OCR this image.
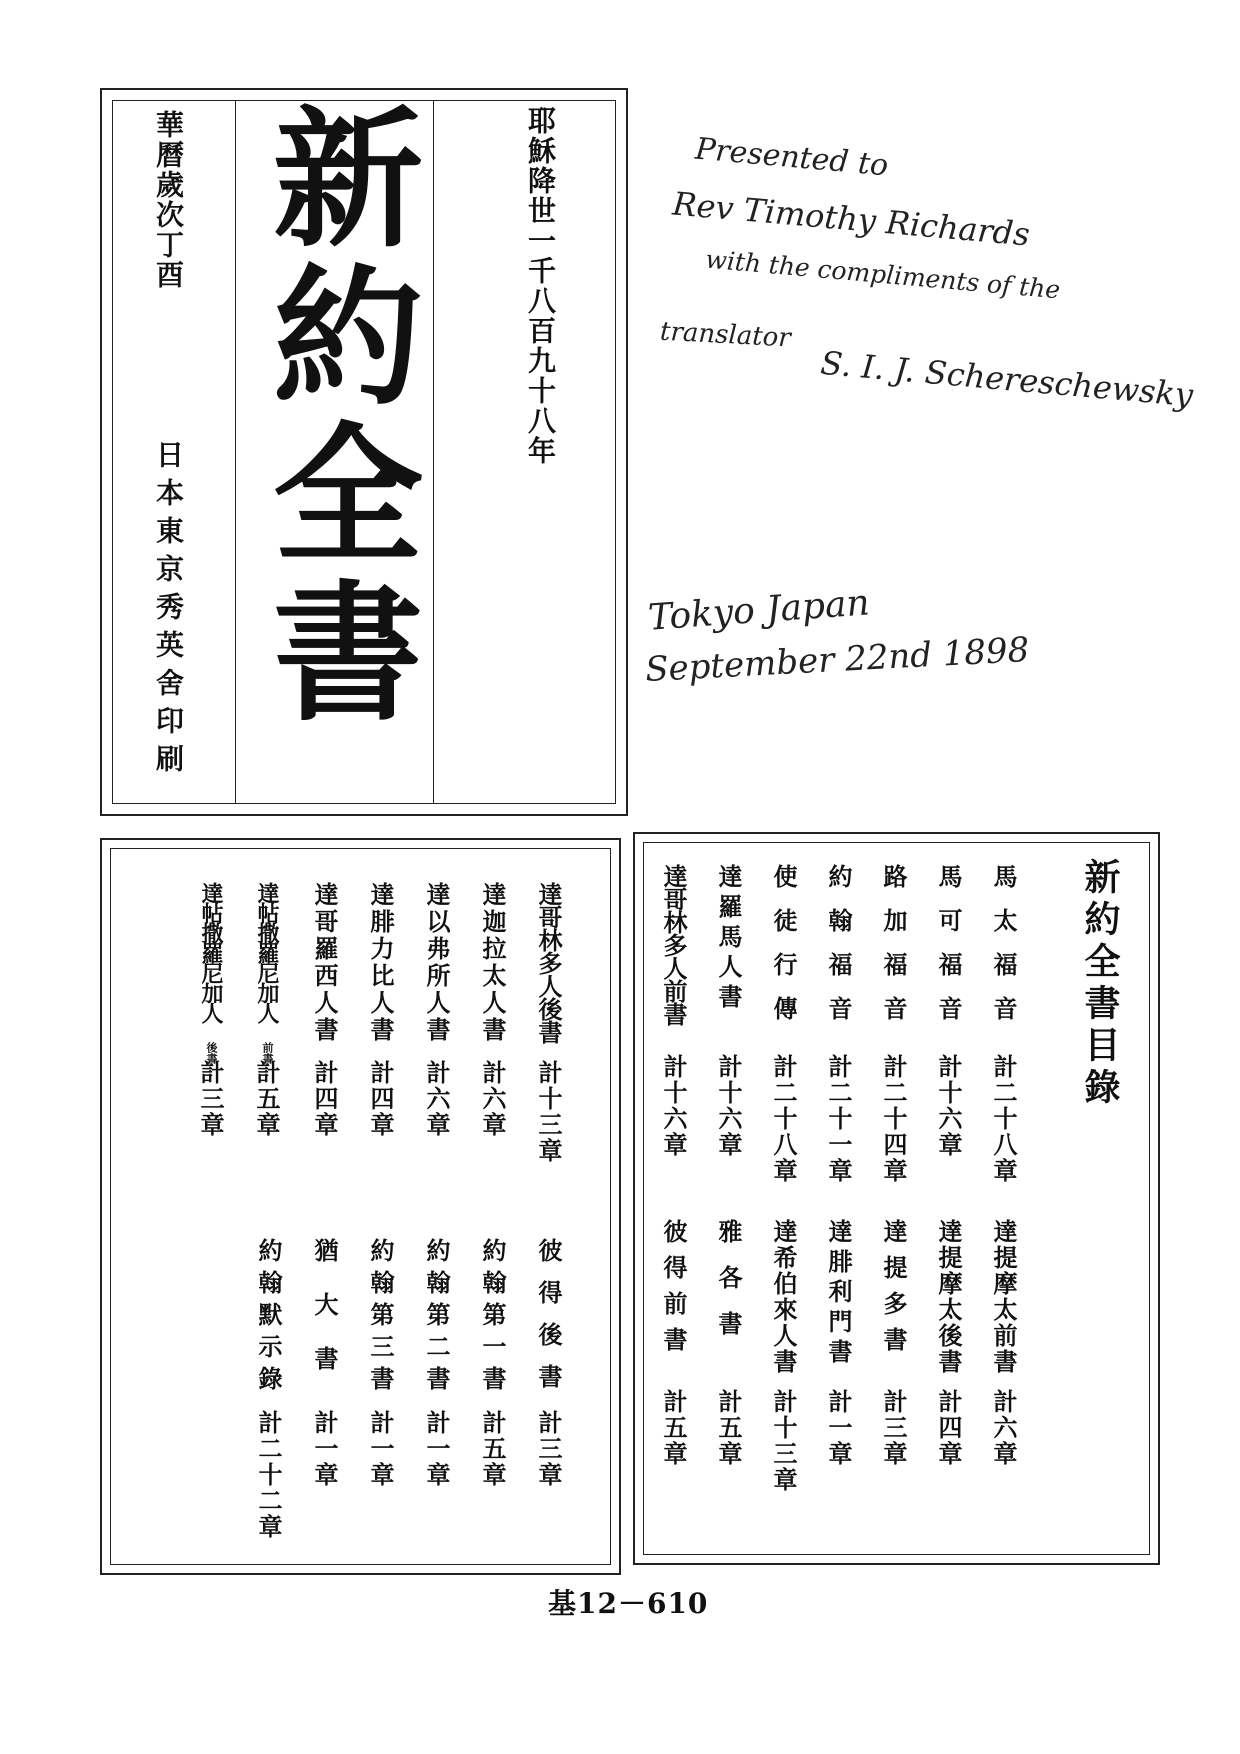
華曆歲次丁酉
日本東京秀英舍印刷 新約全書	耶穌降世一千八百九十八年	Presented to
Rev Timothy Richards
with the compliments of the
translator
S. I. J. Schereschewsky
Tokyo Japan
September 22nd 1898
新約全書目錄
馬太福音
計二十八章
馬可福音
計十六章
路加福音
計二十四章
約翰福音
計二十一章
使徒行傳
計二十八章
達羅馬人書
計十六章
達哥林多人前書
計十六章
達提摩太前書
計六章
達提摩太後書
計四章
達提多書
計三章
達腓利門書
計一章
達希伯來人書
計十三章
雅各書
計五章
彼得前書
計五章
達哥林多人後書
計十三章
達迦拉太人書
計六章
達以弗所人書
計六章
達腓力比人書
計四章
達哥羅西人書
計四章
達帖撒羅尼加人
前書
計五章
達帖撒羅尼加人
後書
計三章
彼得後書
計三章
約翰第一書
計五章
約翰第二書
計一章
約翰第三書
計一章
猶大書
計一章
約翰默示錄
計二十二章
基12－610
